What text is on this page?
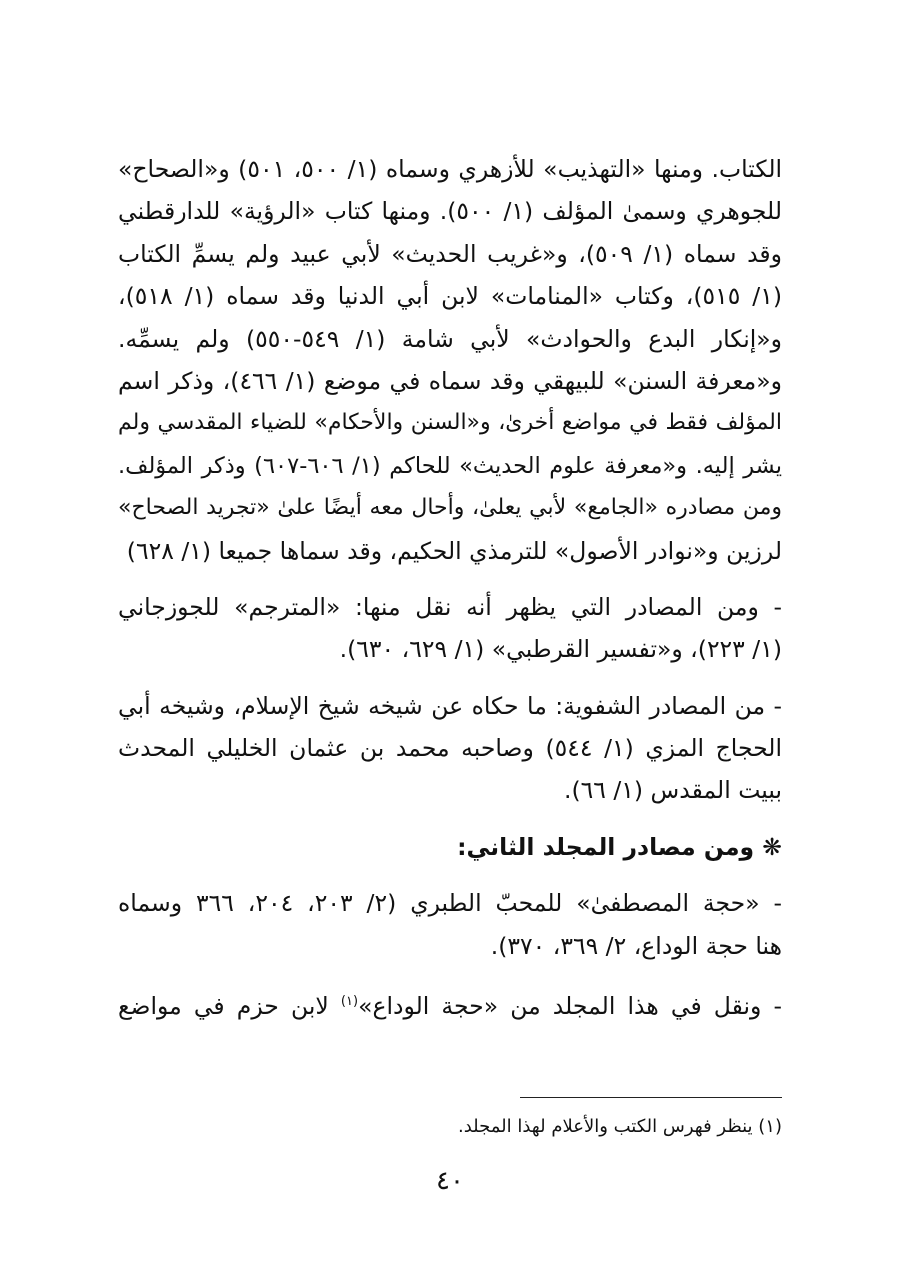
الكتاب. ومنها «التهذيب» للأزهري وسماه (١/ ٥٠٠، ٥٠١) و«الصحاح»
للجوهري وسمىٰ المؤلف (١/ ٥٠٠). ومنها كتاب «الرؤية» للدارقطني
وقد سماه (١/ ٥٠٩)، و«غريب الحديث» لأبي عبيد ولم يسمِّ الكتاب
(١/ ٥١٥)، وكتاب «المنامات» لابن أبي الدنيا وقد سماه (١/ ٥١٨)،
و«إنكار البدع والحوادث» لأبي شامة (١/ ٥٤٩-٥٥٠) ولم يسمِّه.
و«معرفة السنن» للبيهقي وقد سماه في موضع (١/ ٤٦٦)، وذكر اسم
المؤلف فقط في مواضع أخرىٰ، و«السنن والأحكام» للضياء المقدسي ولم
يشر إليه. و«معرفة علوم الحديث» للحاكم (١/ ٦٠٦-٦٠٧) وذكر المؤلف.
ومن مصادره «الجامع» لأبي يعلىٰ، وأحال معه أيضًا علىٰ «تجريد الصحاح»
لرزين و«نوادر الأصول» للترمذي الحكيم، وقد سماها جميعا (١/ ٦٢٨)
- ومن المصادر التي يظهر أنه نقل منها: «المترجم» للجوزجاني
(١/ ٢٢٣)، و«تفسير القرطبي» (١/ ٦٢٩، ٦٣٠).
- من المصادر الشفوية: ما حكاه عن شيخه شيخ الإسلام، وشيخه أبي
الحجاج المزي (١/ ٥٤٤) وصاحبه محمد بن عثمان الخليلي المحدث
ببيت المقدس (١/ ٦٦).
❋ ومن مصادر المجلد الثاني:
- «حجة المصطفىٰ» للمحبّ الطبري (٢/ ٢٠٣، ٢٠٤، ٣٦٦ وسماه
هنا حجة الوداع، ٢/ ٣٦٩، ٣٧٠).
- ونقل في هذا المجلد من «حجة الوداع»$^{(١)}$ لابن حزم في مواضع
(١) ينظر فهرس الكتب والأعلام لهذا المجلد.
٤٠
